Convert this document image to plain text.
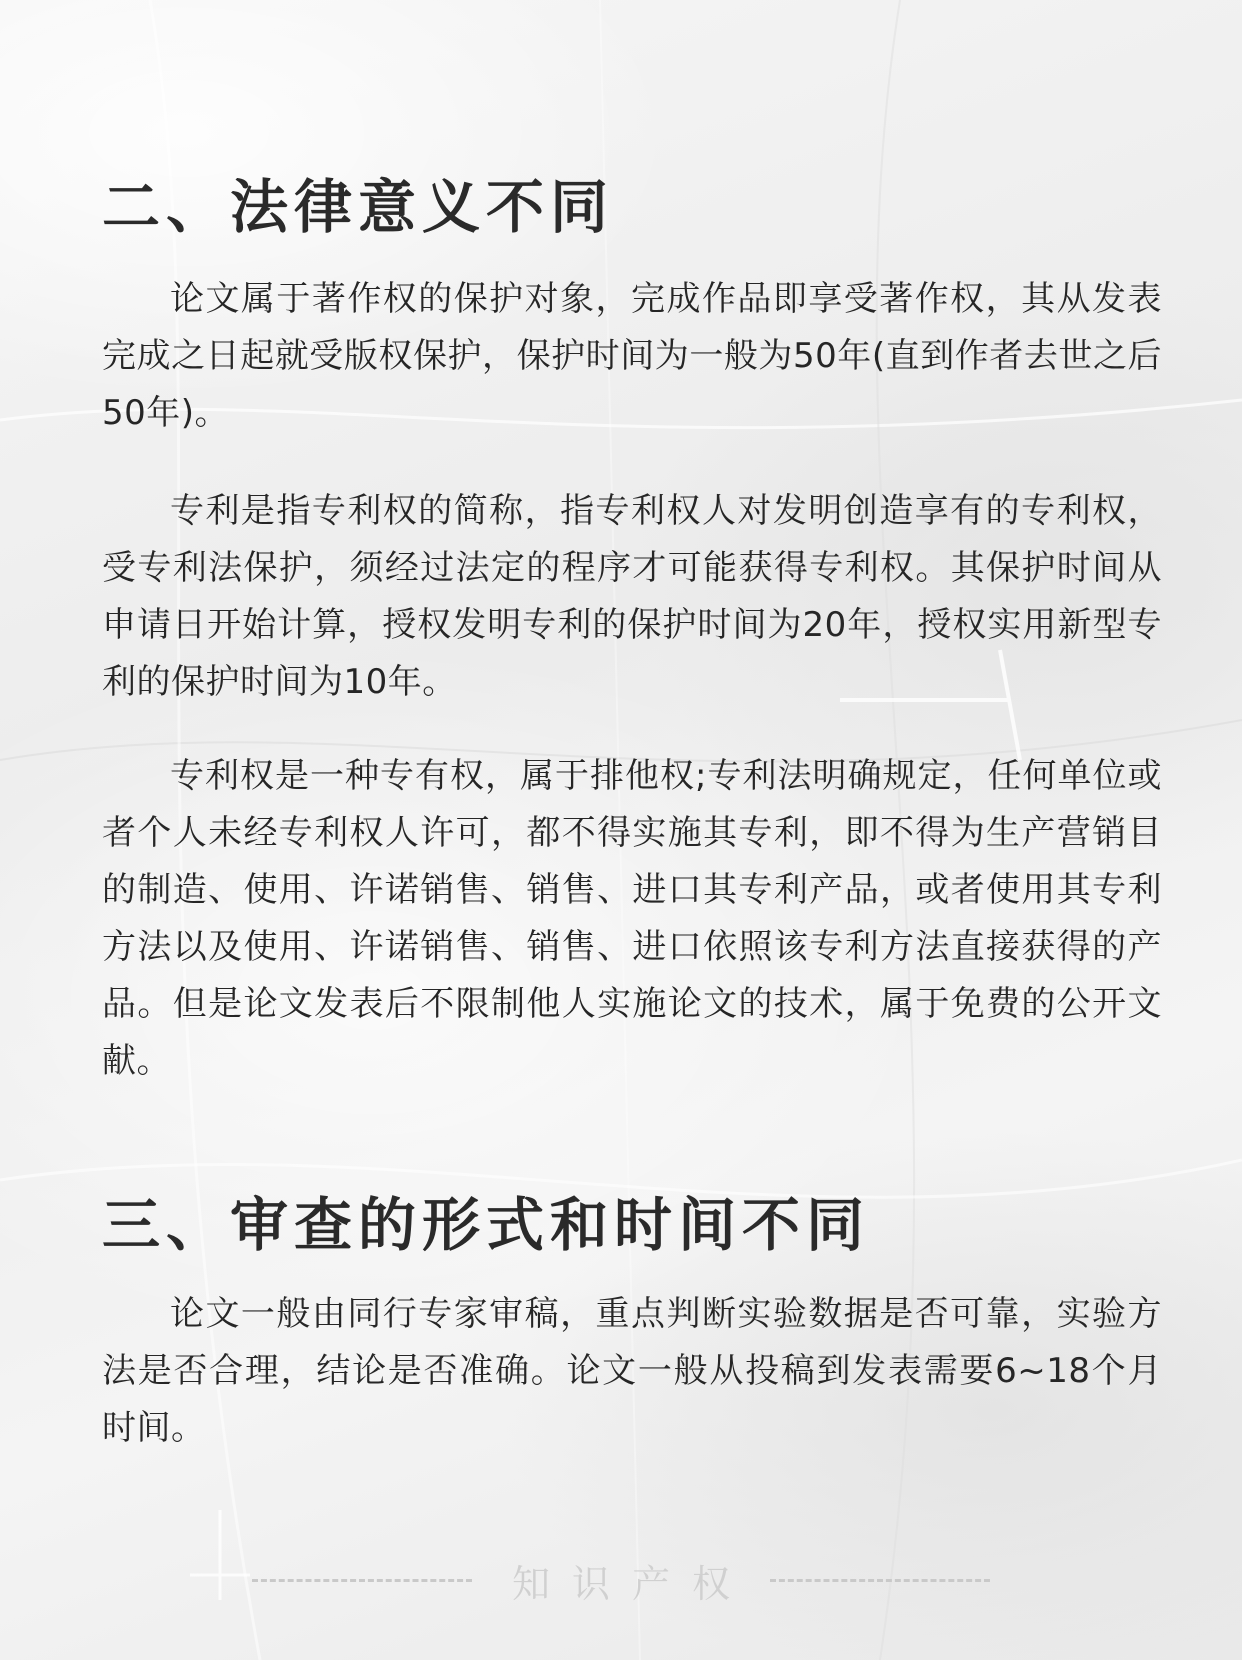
二、法律意义不同

论文属于著作权的保护对象，完成作品即享受著作权，其从发表完成之日起就受版权保护，保护时间为一般为50年(直到作者去世之后50年)。

专利是指专利权的简称，指专利权人对发明创造享有的专利权，受专利法保护，须经过法定的程序才可能获得专利权。其保护时间从申请日开始计算，授权发明专利的保护时间为20年，授权实用新型专利的保护时间为10年。

专利权是一种专有权，属于排他权;专利法明确规定，任何单位或者个人未经专利权人许可，都不得实施其专利，即不得为生产营销目的制造、使用、许诺销售、销售、进口其专利产品，或者使用其专利方法以及使用、许诺销售、销售、进口依照该专利方法直接获得的产品。但是论文发表后不限制他人实施论文的技术，属于免费的公开文献。

三、审查的形式和时间不同

论文一般由同行专家审稿，重点判断实验数据是否可靠，实验方法是否合理，结论是否准确。论文一般从投稿到发表需要6~18个月时间。

知识产权
